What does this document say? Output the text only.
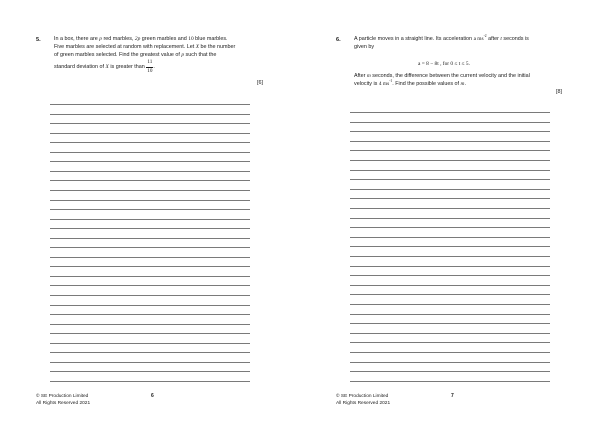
5. In a box, there are p red marbles, 2p green marbles and 10 blue marbles.

Five marbles are selected at random with replacement. Let X be the number

of green marbles selected. Find the greatest value of p such that the

standard deviation of X is greater than $\frac{11}{10}$ .

[6]
© SE Production Limited
All Rights Reserved 2021
6
6. A particle moves in a straight line. Its acceleration a $ms^{-2}$ after t seconds is

given by

a = 8 − 8t , for 0 ≤ t ≤ 5.

After m seconds, the difference between the current velocity and the initial

velocity is 4 $ms^{-1}$. Find the possible values of m.

[8]
© SE Production Limited
All Rights Reserved 2021
7
